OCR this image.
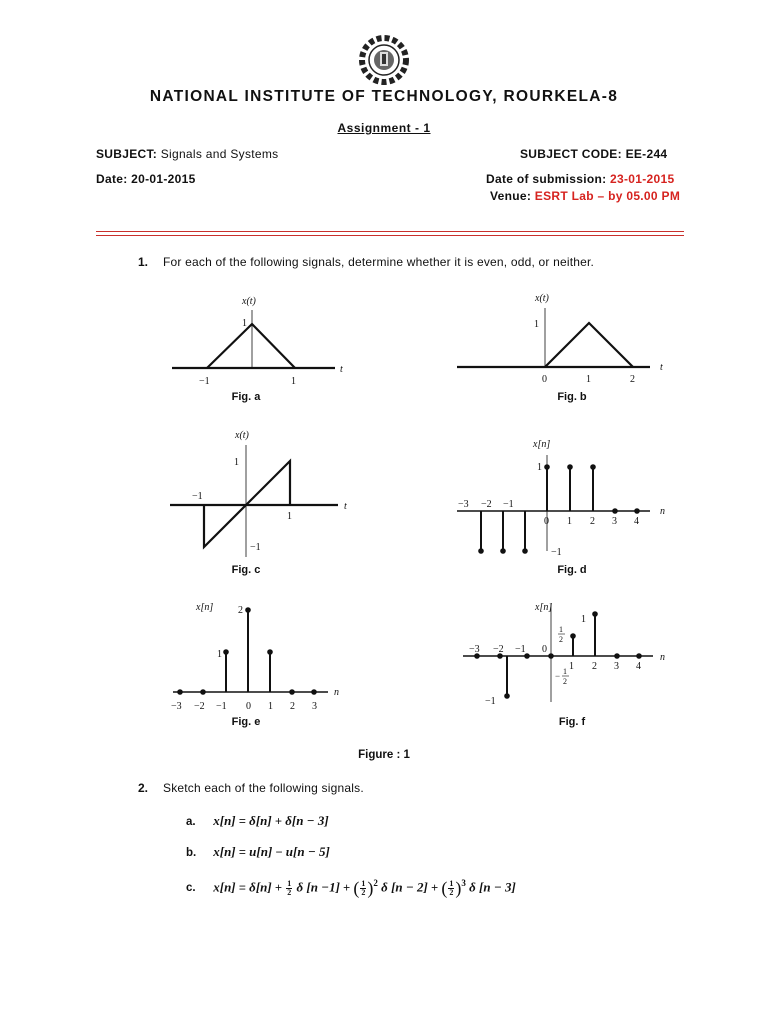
NATIONAL INSTITUTE OF TECHNOLOGY, ROURKELA-8
Assignment - 1
SUBJECT: Signals and Systems	SUBJECT CODE: EE-244
Date: 20-01-2015	Date of submission: 23-01-2015
Venue: ESRT Lab – by 05.00 PM
1. For each of the following signals, determine whether it is even, odd, or neither.
x(t)
1
t
−1	1
Fig. a
x(t)
1
t
0	1	2
Fig. b
x(t)
1
−1
t
−1
1
Fig. c
x[n]
1
−1
n
−3 −2 −1
0 1 2 3 4
Fig. d
x[n]
1
2
n
−3 −2 −1 0 1 2 3
Fig. e
x[n]
1
−1
1
2
− 1
2
n
−3 −2 −1 0
1 2 3 4
Fig. f
Figure : 1
2. Sketch each of the following signals.
a. x[n] = δ[n] + δ[n − 3]
b. x[n] = u[n] − u[n − 5]
c. $x[n] = \delta[n] + \frac{1}{2}$ δ [n −1] + ( $\frac{1}{2} )^2$ δ [n − 2] + ( $\frac{1}{2} )^3$ δ [n − 3]
